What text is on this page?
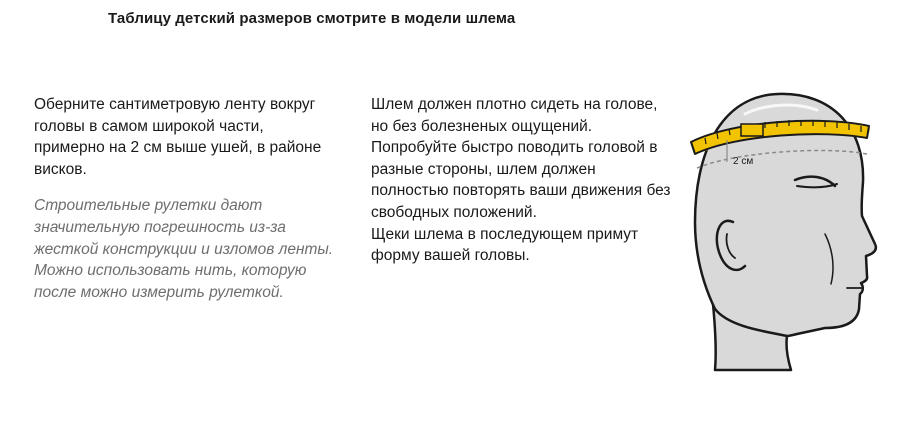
Таблицу детский размеров смотрите в модели шлема

Оберните сантиметровую ленту вокруг головы в самом широкой части, примерно на 2 см выше ушей, в районе висков.

Строительные рулетки дают значительную погрешность из-за жесткой конструкции и изломов ленты. Можно использовать нить, которую после можно измерить рулеткой.

Шлем должен плотно сидеть на голове, но без болезненых ощущений.

Попробуйте быстро поводить головой в разные стороны, шлем должен полностью повторять ваши движения без свободных положений.

Щеки шлема в последующем примут форму вашей головы.

2 см
